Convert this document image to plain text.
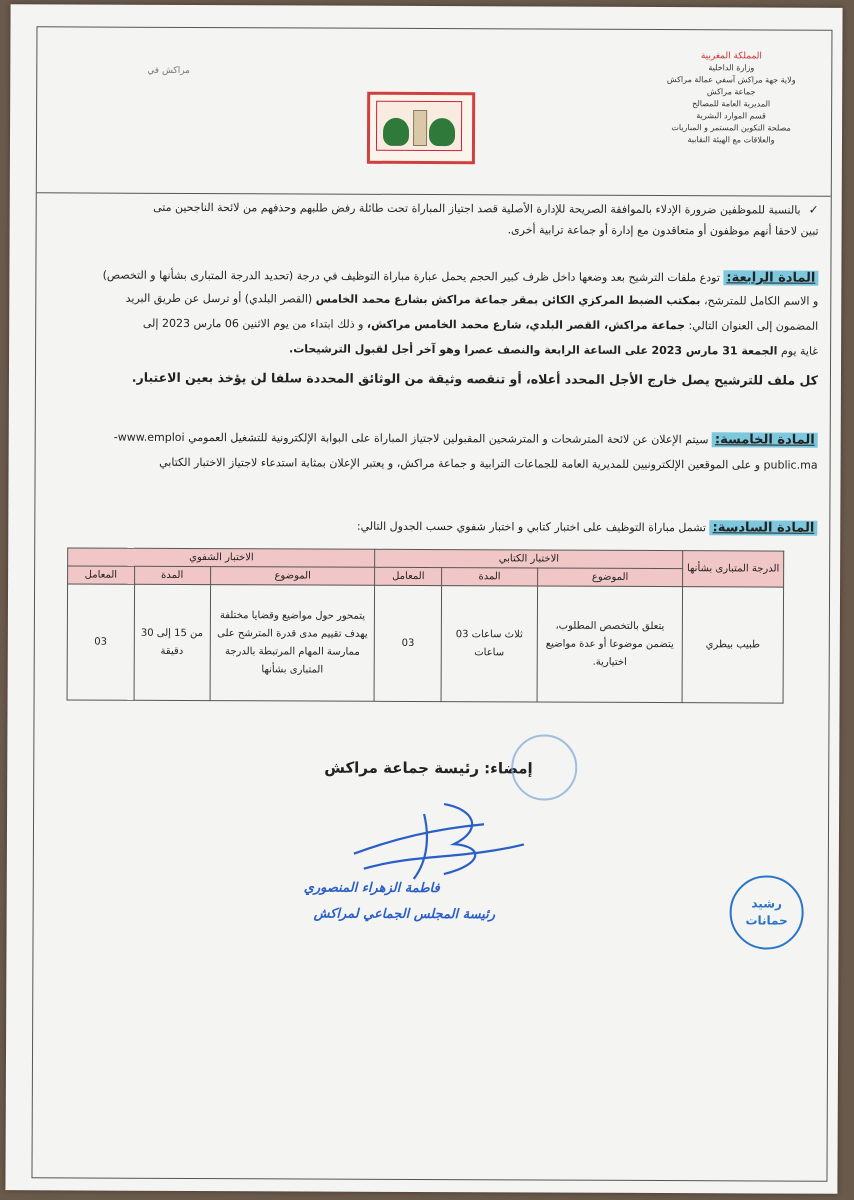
المملكة المغربية
وزارة الداخلية
ولاية جهة مراكش آسفي عمالة مراكش
جماعة مراكش
المديرية العامة للمصالح
قسم الموارد البشرية
مصلحة التكوين المستمر و المباريات
والعلاقات مع الهيئة النقابية
مراكش في
✓بالنسبة للموظفين ضرورة الإدلاء بالموافقة الصريحة للإدارة الأصلية قصد اجتياز المباراة تحت طائلة رفض طلبهم وحذفهم من لائحة الناجحين متى
تبين لاحقا أنهم موظفون أو متعاقدون مع إدارة أو جماعة ترابية أخرى.
المادة الرابعة: تودع ملفات الترشيح بعد وضعها داخل ظرف كبير الحجم يحمل عبارة مباراة التوظيف في درجة (تحديد الدرجة المتبارى بشأنها و التخصص)
و الاسم الكامل للمترشح، بمكتب الضبط المركزي الكائن بمقر جماعة مراكش بشارع محمد الخامس (القصر البلدي) أو ترسل عن طريق البريد
المضمون إلى العنوان التالي: جماعة مراكش، القصر البلدي، شارع محمد الخامس مراكش، و ذلك ابتداء من يوم الاثنين 06 مارس 2023 إلى
غاية يوم الجمعة 31 مارس 2023 على الساعة الرابعة والنصف عصرا وهو آخر أجل لقبول الترشيحات.
كل ملف للترشيح يصل خارج الأجل المحدد أعلاه، أو تنقصه وثيقة من الوثائق المحددة سلفا لن يؤخذ بعين الاعتبار.
المادة الخامسة: سيتم الإعلان عن لائحة المترشحات و المترشحين المقبولين لاجتياز المباراة على البوابة الإلكترونية للتشغيل العمومي www.emploi-
public.ma و على الموقعين الإلكترونيين للمديرية العامة للجماعات الترابية و جماعة مراكش، و يعتبر الإعلان بمثابة استدعاء لاجتياز الاختبار الكتابي
المادة السادسة: تشمل مباراة التوظيف على اختبار كتابي و اختبار شفوي حسب الجدول التالي:
الدرجة المتبارى بشأنها	الاختبار الكتابي			الاختبار الشفوي		
	الموضوع	المدة	المعامل	الموضوع	المدة	المعامل
طبيب بيطري	يتعلق بالتخصص المطلوب، يتضمن موضوعا أو عدة مواضيع اختيارية.	ثلاث ساعات 03 ساعات	03	يتمحور حول مواضيع وقضايا مختلفة يهدف تقييم مدى قدرة المترشح على ممارسة المهام المرتبطة بالدرجة المتبارى بشأنها	من 15 إلى 30 دقيقة	03
إمضاء: رئيسة جماعة مراكش
فاطمة الزهراء المنصوري
رئيسة المجلس الجماعي لمراكش
رشيد
حمانات
